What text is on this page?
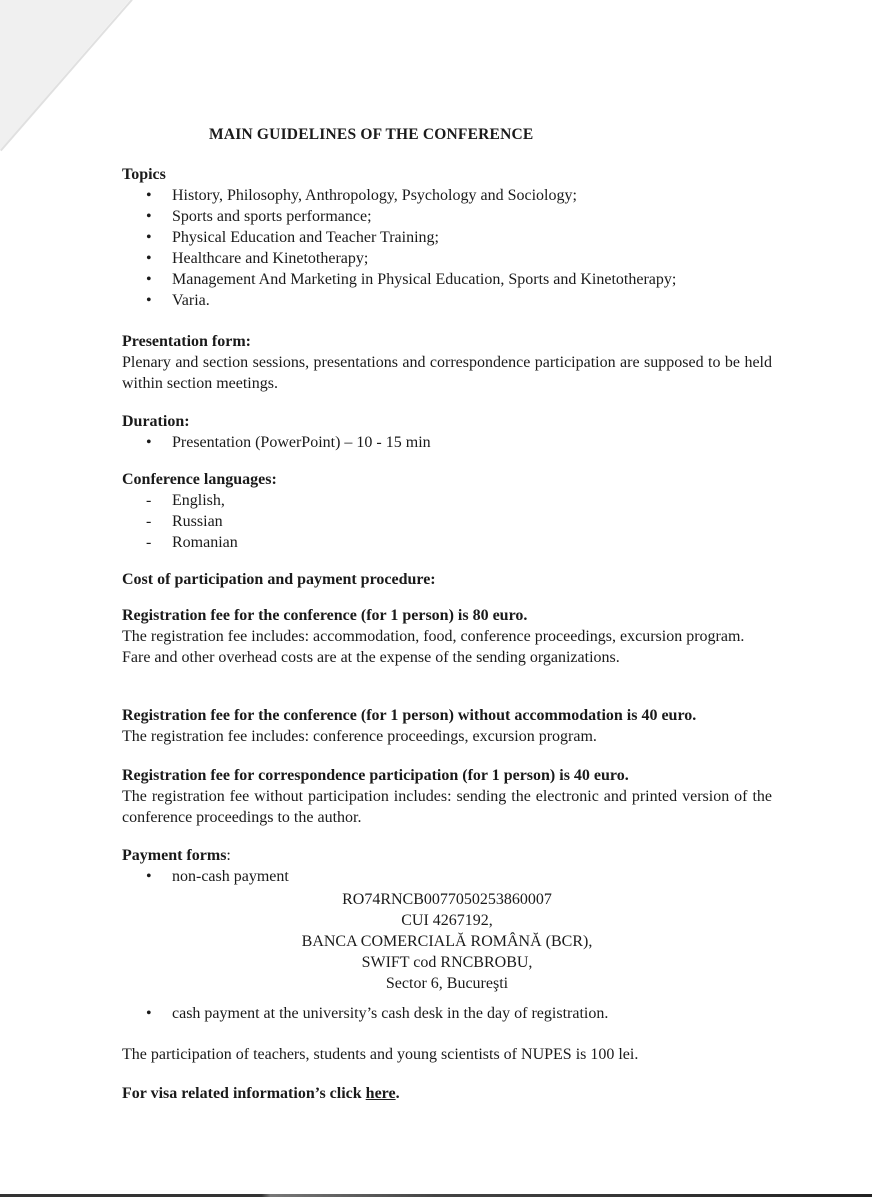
MAIN GUIDELINES OF THE CONFERENCE
Topics
• History, Philosophy, Anthropology, Psychology and Sociology;
• Sports and sports performance;
• Physical Education and Teacher Training;
• Healthcare and Kinetotherapy;
• Management And Marketing in Physical Education, Sports and Kinetotherapy;
• Varia.
Presentation form:

Plenary and section sessions, presentations and correspondence participation are supposed to be held within section meetings.

Duration:
• Presentation (PowerPoint) – 10 - 15 min
Conference languages:
- English,
- Russian
- Romanian
Cost of participation and payment procedure:
Registration fee for the conference (for 1 person) is 80 euro.

The registration fee includes: accommodation, food, conference proceedings, excursion program.

Fare and other overhead costs are at the expense of the sending organizations.

Registration fee for the conference (for 1 person) without accommodation is 40 euro.

The registration fee includes: conference proceedings, excursion program.

Registration fee for correspondence participation (for 1 person) is 40 euro.

The registration fee without participation includes: sending the electronic and printed version of the conference proceedings to the author.

Payment forms:
• non-cash payment
RO74RNCB0077050253860007
CUI 4267192,
BANCA COMERCIALĂ ROMÂNĂ (BCR),
SWIFT cod RNCBROBU,
Sector 6, Bucureşti
• cash payment at the university’s cash desk in the day of registration.

The participation of teachers, students and young scientists of NUPES is 100 lei.

For visa related information’s click here.
